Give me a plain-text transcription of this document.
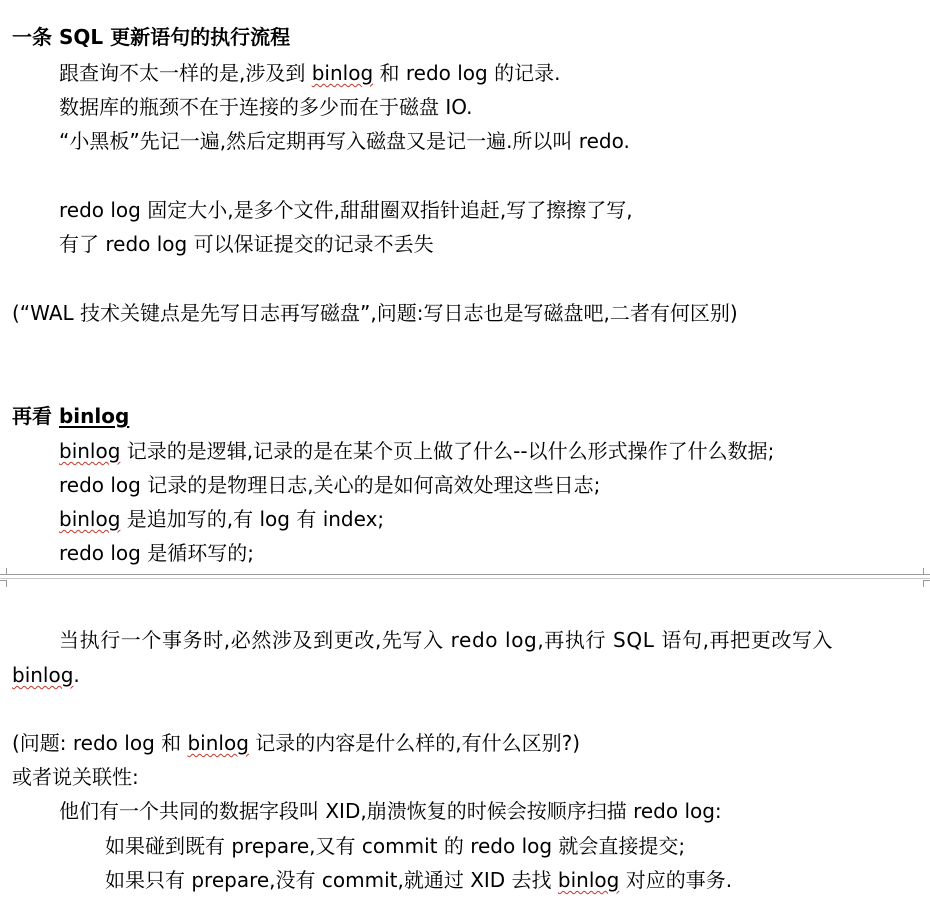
一条 SQL 更新语句的执行流程
跟查询不太一样的是,涉及到 binlog 和 redo log 的记录.
数据库的瓶颈不在于连接的多少而在于磁盘 IO.
“小黑板”先记一遍,然后定期再写入磁盘又是记一遍.所以叫 redo.
redo log 固定大小,是多个文件,甜甜圈双指针追赶,写了擦擦了写,
有了 redo log 可以保证提交的记录不丢失
(“WAL 技术关键点是先写日志再写磁盘”,问题:写日志也是写磁盘吧,二者有何区别)
再看 binlog
binlog 记录的是逻辑,记录的是在某个页上做了什么--以什么形式操作了什么数据;
redo log 记录的是物理日志,关心的是如何高效处理这些日志;
binlog 是追加写的,有 log 有 index;
redo log 是循环写的;
当执行一个事务时,必然涉及到更改,先写入 redo log,再执行 SQL 语句,再把更改写入
binlog.
(问题: redo log 和 binlog 记录的内容是什么样的,有什么区别?)
或者说关联性:
他们有一个共同的数据字段叫 XID,崩溃恢复的时候会按顺序扫描 redo log:
如果碰到既有 prepare,又有 commit 的 redo log 就会直接提交;
如果只有 prepare,没有 commit,就通过 XID 去找 binlog 对应的事务.
